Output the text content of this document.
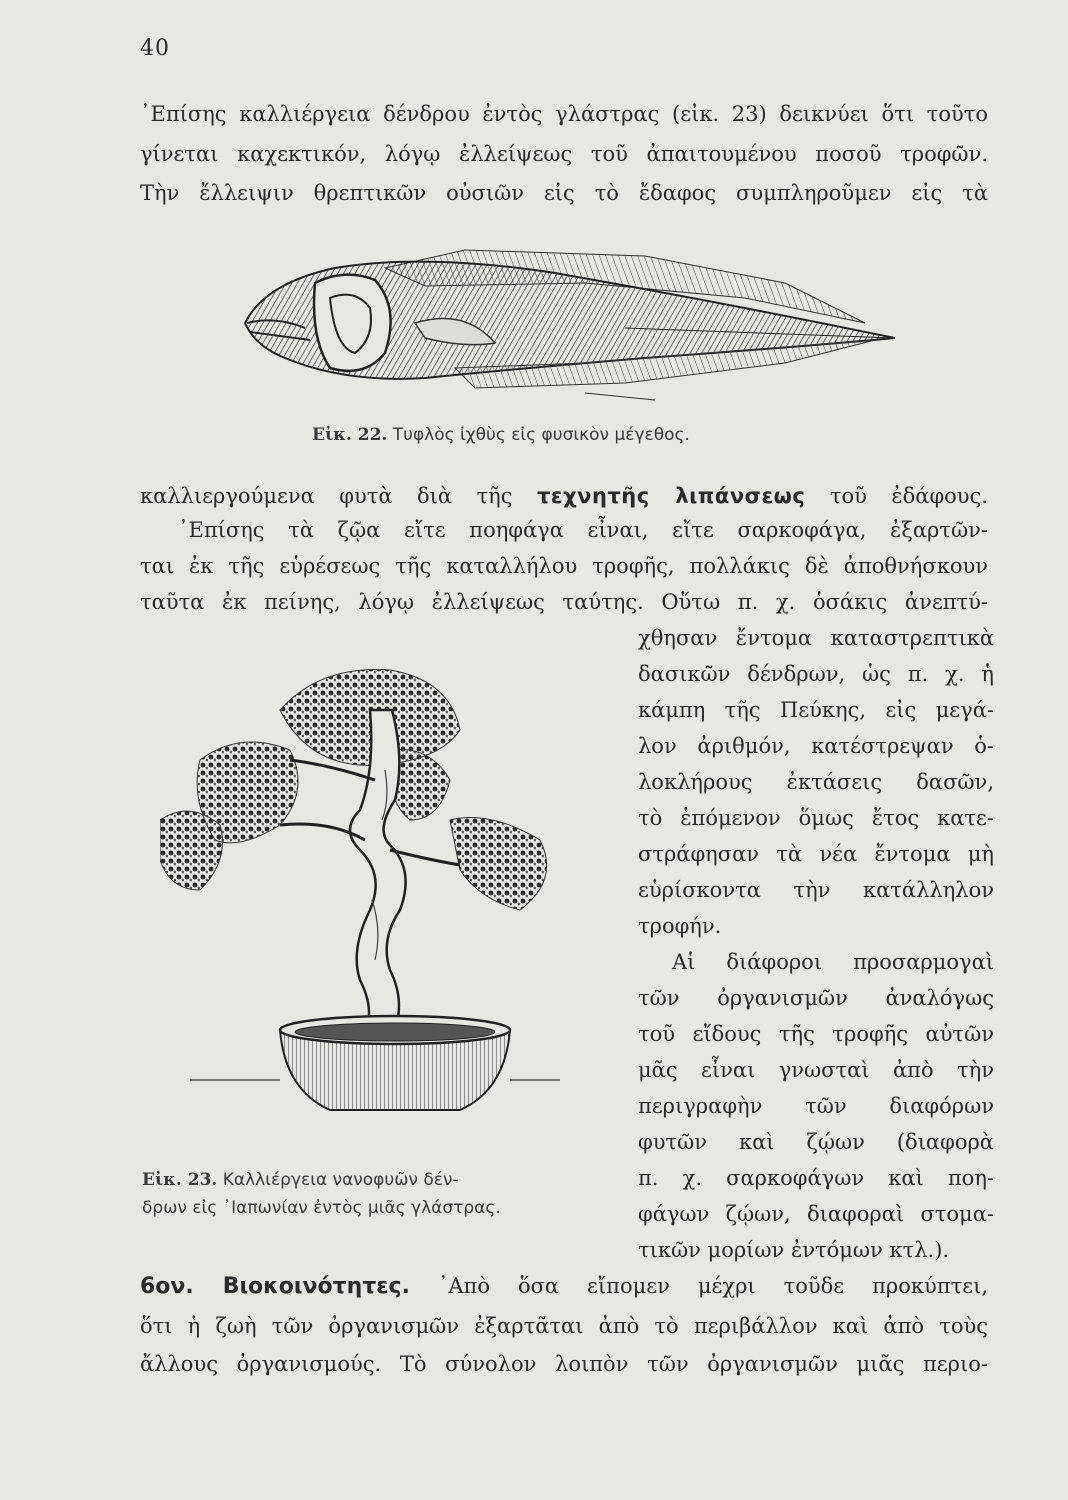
40
᾿Επίσης καλλιέργεια δένδρου ἐντὸς γλάστρας (εἰκ. 23) δεικνύει ὅτι τοῦτο
γίνεται καχεκτικόν, λόγῳ ἐλλείψεως τοῦ ἀπαιτουμένου ποσοῦ τροφῶν.
Τὴν ἔλλειψιν θρεπτικῶν οὐσιῶν εἰς τὸ ἔδαφος συμπληροῦμεν εἰς τὰ
Εἰκ. 22. Τυφλὸς ἰχθὺς εἰς φυσικὸν μέγεθος.
καλλιεργούμενα φυτὰ διὰ τῆς τεχνητῆς λιπάνσεως τοῦ ἐδάφους.
᾿Επίσης τὰ ζῷα εἴτε ποηφάγα εἶναι, εἴτε σαρκοφάγα, ἐξαρτῶν-
ται ἐκ τῆς εὑρέσεως τῆς καταλλήλου τροφῆς, πολλάκις δὲ ἀποθνήσκουν
ταῦτα ἐκ πείνης, λόγῳ ἐλλείψεως ταύτης. Οὕτω π. χ. ὁσάκις ἀνεπτύ-
χθησαν ἔντομα καταστρεπτικὰ
δασικῶν δένδρων, ὡς π. χ. ἡ
κάμπη τῆς Πεύκης, εἰς μεγά-
λον ἀριθμόν, κατέστρεψαν ὁ-
λοκλήρους ἐκτάσεις δασῶν,
τὸ ἑπόμενον ὅμως ἔτος κατε-
στράφησαν τὰ νέα ἔντομα μὴ
εὑρίσκοντα τὴν κατάλληλον
τροφήν.
Αἱ διάφοροι προσαρμογαὶ
τῶν ὀργανισμῶν ἀναλόγως
τοῦ εἴδους τῆς τροφῆς αὐτῶν
μᾶς εἶναι γνωσταὶ ἀπὸ τὴν
περιγραφὴν τῶν διαφόρων
φυτῶν καὶ ζῴων (διαφορὰ
π. χ. σαρκοφάγων καὶ ποη-
φάγων ζῴων, διαφοραὶ στομα-
τικῶν μορίων ἐντόμων κτλ.).
Εἰκ. 23. Καλλιέργεια νανοφυῶν δέν-
δρων εἰς ᾿Ιαπωνίαν ἐντὸς μιᾶς γλάστρας.
6ον. Βιοκοινότητες. ᾿Απὸ ὅσα εἴπομεν μέχρι τοῦδε προκύπτει,
ὅτι ἡ ζωὴ τῶν ὀργανισμῶν ἐξαρτᾶται ἀπὸ τὸ περιβάλλον καὶ ἀπὸ τοὺς
ἄλλους ὀργανισμούς. Τὸ σύνολον λοιπὸν τῶν ὀργανισμῶν μιᾶς περιο-
